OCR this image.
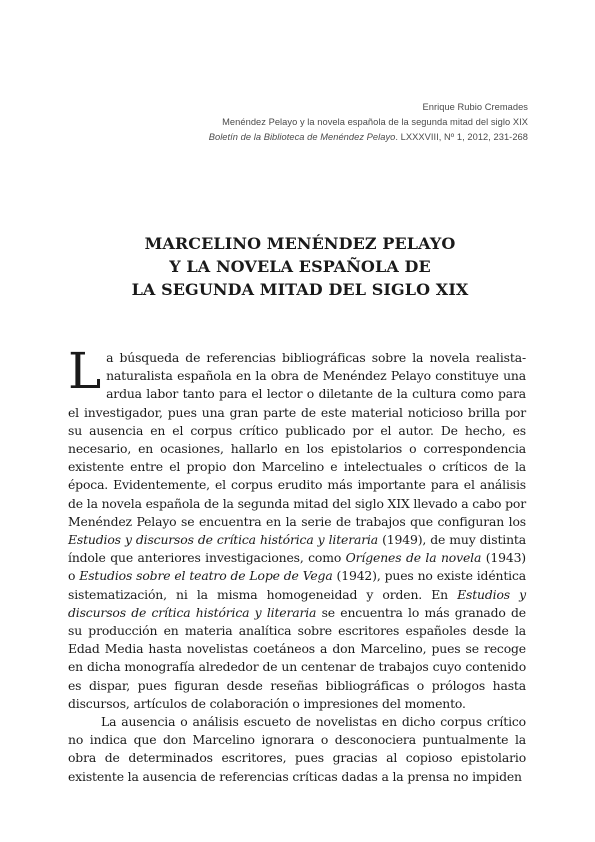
Enrique Rubio Cremades
Menéndez Pelayo y la novela española de la segunda mitad del siglo XIX
Boletín de la Biblioteca de Menéndez Pelayo. LXXXVIII, Nº 1, 2012, 231-268
MARCELINO MENÉNDEZ PELAYO
Y LA NOVELA ESPAÑOLA DE
LA SEGUNDA MITAD DEL SIGLO XIX

La búsqueda de referencias bibliográficas sobre la novela realista-naturalista española en la obra de Menéndez Pelayo constituye una ardua labor tanto para el lector o diletante de la cultura como para el investigador, pues una gran parte de este material noticioso brilla por su ausencia en el corpus crítico publicado por el autor. De hecho, es necesario, en ocasiones, hallarlo en los epistolarios o correspondencia existente entre el propio don Marcelino e intelectuales o críticos de la época. Evidentemente, el corpus erudito más importante para el análisis de la novela española de la segunda mitad del siglo XIX llevado a cabo por Menéndez Pelayo se encuentra en la serie de trabajos que configuran los Estudios y discursos de crítica histórica y literaria (1949), de muy distinta índole que anteriores investigaciones, como Orígenes de la novela (1943) o Estudios sobre el teatro de Lope de Vega (1942), pues no existe idéntica sistematización, ni la misma homogeneidad y orden. En Estudios y discursos de crítica histórica y literaria se encuentra lo más granado de su producción en materia analítica sobre escritores españoles desde la Edad Media hasta novelistas coetáneos a don Marcelino, pues se recoge en dicha monografía alrededor de un centenar de trabajos cuyo contenido es dispar, pues figuran desde reseñas bibliográficas o prólogos hasta discursos, artículos de colaboración o impresiones del momento.

La ausencia o análisis escueto de novelistas en dicho corpus crítico no indica que don Marcelino ignorara o desconociera puntualmente la obra de determinados escritores, pues gracias al copioso epistolario existente la ausencia de referencias críticas dadas a la prensa no impiden
